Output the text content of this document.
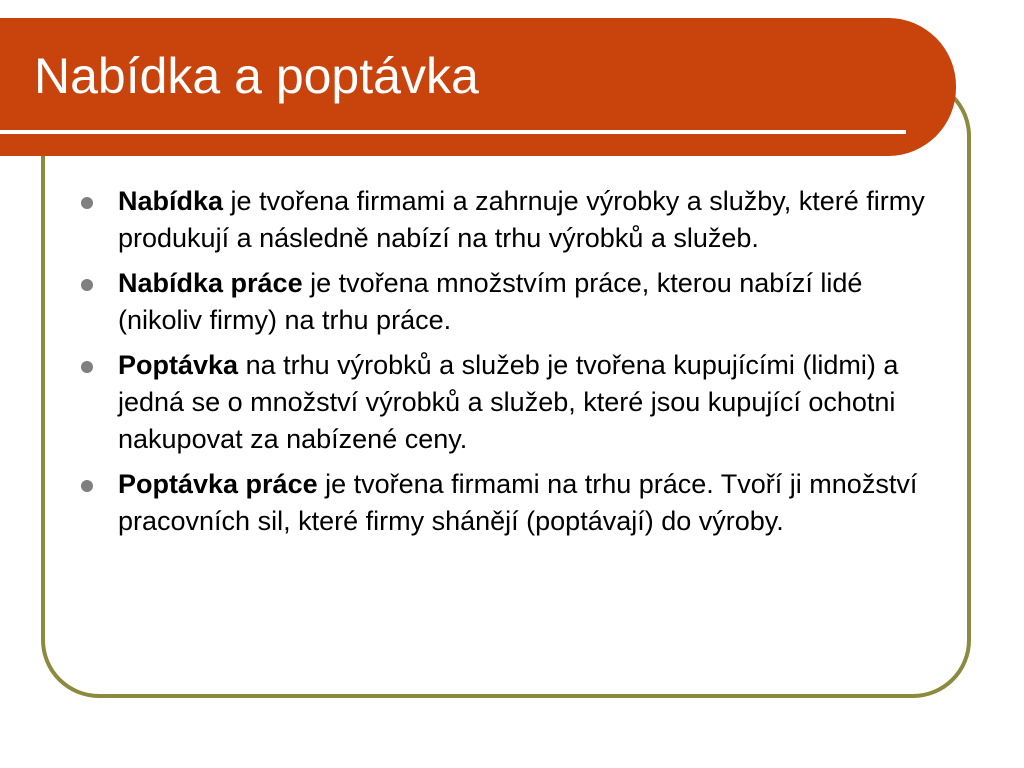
Nabídka a poptávka
Nabídka je tvořena firmami a zahrnuje výrobky a služby, které firmy produkují a následně nabízí na trhu výrobků a služeb.
Nabídka práce je tvořena množstvím práce, kterou nabízí lidé (nikoliv firmy) na trhu práce.
Poptávka na trhu výrobků a služeb je tvořena kupujícími (lidmi) a jedná se o množství výrobků a služeb, které jsou kupující ochotni nakupovat za nabízené ceny.
Poptávka práce je tvořena firmami na trhu práce. Tvoří ji množství pracovních sil, které firmy shánějí (poptávají) do výroby.
